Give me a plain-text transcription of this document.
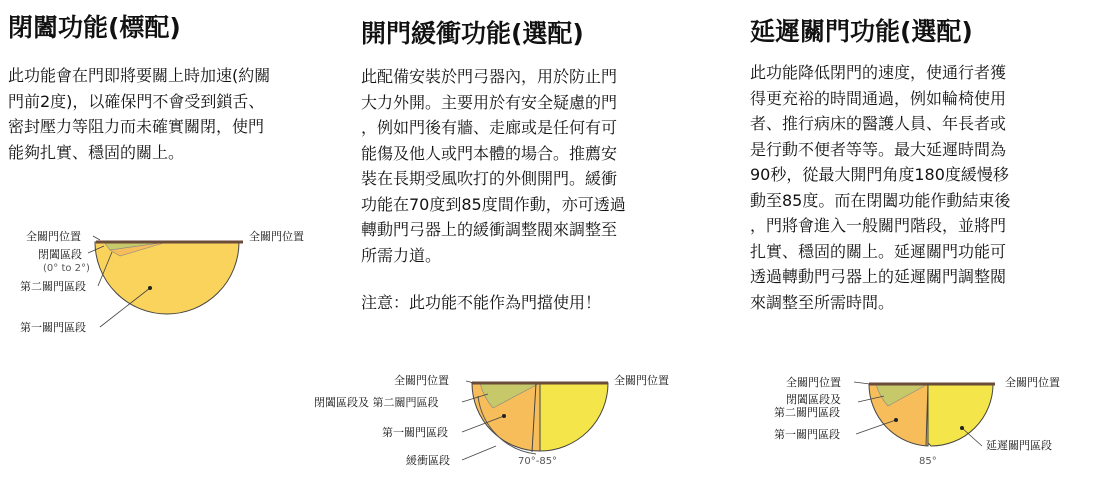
閉闔功能(標配)
此功能會在門即將要關上時加速(約關
門前2度)，以確保門不會受到鎖舌、
密封壓力等阻力而未確實關閉，使門
能夠扎實、穩固的關上。
全關門位置	全關門位置
閉闔區段
(0° to 2°)
第二關門區段
第一關門區段
開門緩衝功能(選配)
此配備安裝於門弓器內，用於防止門
大力外開。主要用於有安全疑慮的門
，例如門後有牆、走廊或是任何有可
能傷及他人或門本體的場合。推薦安
裝在長期受風吹打的外側開門。緩衝
功能在70度到85度間作動，亦可透過
轉動門弓器上的緩衝調整閥來調整至
所需力道。
注意：此功能不能作為門擋使用！
全關門位置	全關門位置
閉闔區段及 第二關門區段
第一關門區段
緩衝區段	70°-85°
延遲關門功能(選配)
此功能降低閉門的速度，使通行者獲
得更充裕的時間通過，例如輪椅使用
者、推行病床的醫護人員、年長者或
是行動不便者等等。最大延遲時間為
90秒，從最大開門角度180度緩慢移
動至85度。而在閉闔功能作動結束後
，門將會進入一般關門階段，並將門
扎實、穩固的關上。延遲關門功能可
透過轉動門弓器上的延遲關門調整閥
來調整至所需時間。
全關門位置	全關門位置
閉闔區段及
第二關門區段
第一關門區段
延遲關門區段
85°
